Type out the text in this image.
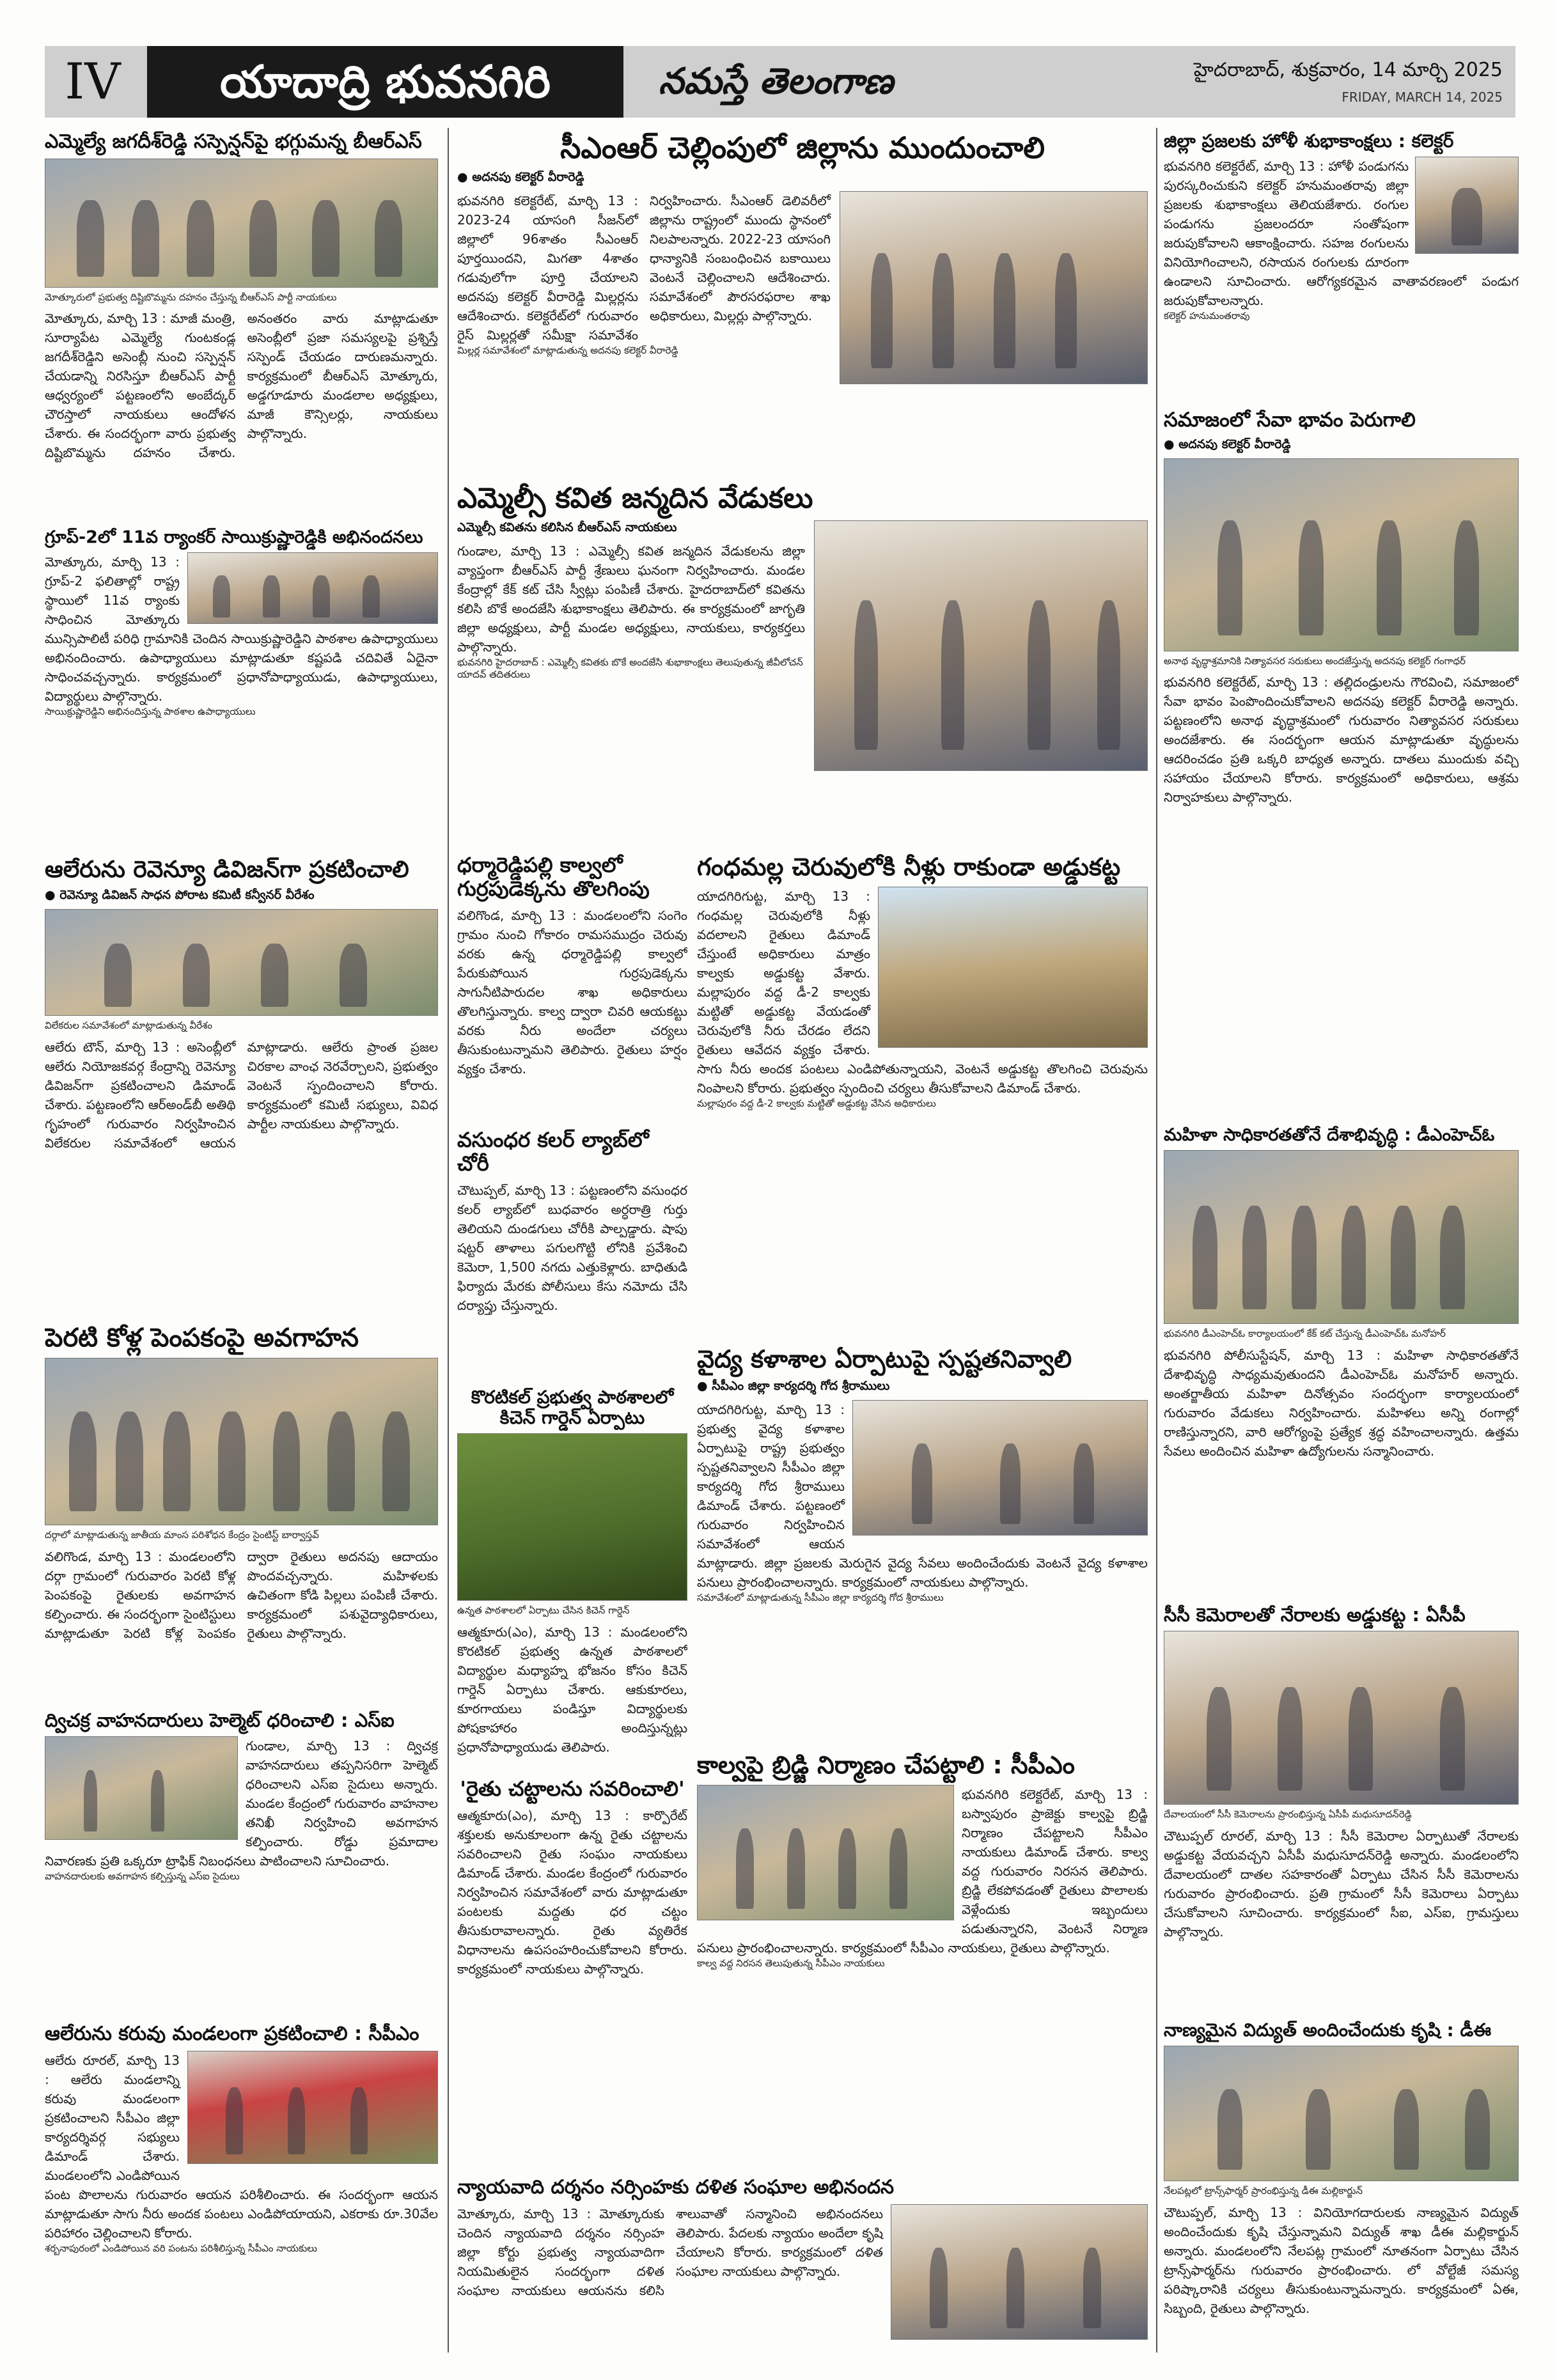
IV	యాదాద్రి భువనగిరి	నమస్తే తెలంగాణ	హైదరాబాద్, శుక్రవారం, 14 మార్చి 2025
FRIDAY, MARCH 14, 2025
ఎమ్మెల్యే జగదీశ్‌రెడ్డి సస్పెన్షన్‌పై భగ్గుమన్న బీఆర్‌ఎస్‌
మోత్కూరులో ప్రభుత్వ దిష్టిబొమ్మను దహనం చేస్తున్న బీఆర్‌ఎస్‌ పార్టీ నాయకులు
మోత్కూరు, మార్చి 13 : మాజీ మంత్రి, సూర్యాపేట ఎమ్మెల్యే గుంటకండ్ల జగదీశ్‌రెడ్డిని అసెంబ్లీ నుంచి సస్పెన్షన్‌ చేయడాన్ని నిరసిస్తూ బీఆర్‌ఎస్‌ పార్టీ ఆధ్వర్యంలో పట్టణంలోని అంబేద్కర్‌ చౌరస్తాలో నాయకులు ఆందోళన చేశారు. ఈ సందర్భంగా వారు ప్రభుత్వ దిష్టిబొమ్మను దహనం చేశారు. అనంతరం వారు మాట్లాడుతూ అసెంబ్లీలో ప్రజా సమస్యలపై ప్రశ్నిస్తే సస్పెండ్‌ చేయడం దారుణమన్నారు. కార్యక్రమంలో బీఆర్‌ఎస్‌ మోత్కూరు, అడ్డగూడూరు మండలాల అధ్యక్షులు, మాజీ కౌన్సిలర్లు, నాయకులు పాల్గొన్నారు.
గ్రూప్‌-2లో 11వ ర్యాంకర్‌ సాయిక్రుష్ణారెడ్డికి అభినందనలు
మోత్కూరు, మార్చి 13 : గ్రూప్‌-2 ఫలితాల్లో రాష్ట్ర స్థాయిలో 11వ ర్యాంకు సాధించిన మోత్కూరు మున్సిపాలిటీ పరిధి గ్రామానికి చెందిన సాయిక్రుష్ణారెడ్డిని పాఠశాల ఉపాధ్యాయులు అభినందించారు. ఉపాధ్యాయులు మాట్లాడుతూ కష్టపడి చదివితే ఏదైనా సాధించవచ్చన్నారు. కార్యక్రమంలో ప్రధానోపాధ్యాయుడు, ఉపాధ్యాయులు, విద్యార్థులు పాల్గొన్నారు.
సాయిక్రుష్ణారెడ్డిని అభినందిస్తున్న పాఠశాల ఉపాధ్యాయులు
ఆలేరును రెవెన్యూ డివిజన్‌గా ప్రకటించాలి
● రెవెన్యూ డివిజన్‌ సాధన పోరాట కమిటీ కన్వీనర్‌ వీరేశం
విలేకరుల సమావేశంలో మాట్లాడుతున్న వీరేశం
ఆలేరు టౌన్‌, మార్చి 13 : అసెంబ్లీలో ఆలేరు నియోజకవర్గ కేంద్రాన్ని రెవెన్యూ డివిజన్‌గా ప్రకటించాలని డిమాండ్‌ చేశారు. పట్టణంలోని ఆర్‌అండ్‌బీ అతిథి గృహంలో గురువారం నిర్వహించిన విలేకరుల సమావేశంలో ఆయన మాట్లాడారు. ఆలేరు ప్రాంత ప్రజల చిరకాల వాంఛ నెరవేర్చాలని, ప్రభుత్వం వెంటనే స్పందించాలని కోరారు. కార్యక్రమంలో కమిటీ సభ్యులు, వివిధ పార్టీల నాయకులు పాల్గొన్నారు.
పెరటి కోళ్ల పెంపకంపై అవగాహన
దర్గాలో మాట్లాడుతున్న జాతీయ మాంస పరిశోధన కేంద్రం సైంటిస్ట్‌ బార్వాస్తవ్‌
వలిగొండ, మార్చి 13 : మండలంలోని దర్గా గ్రామంలో గురువారం పెరటి కోళ్ల పెంపకంపై రైతులకు అవగాహన కల్పించారు. ఈ సందర్భంగా సైంటిస్టులు మాట్లాడుతూ పెరటి కోళ్ల పెంపకం ద్వారా రైతులు అదనపు ఆదాయం పొందవచ్చన్నారు. మహిళలకు ఉచితంగా కోడి పిల్లలు పంపిణీ చేశారు. కార్యక్రమంలో పశువైద్యాధికారులు, రైతులు పాల్గొన్నారు.
ద్విచక్ర వాహనదారులు హెల్మెట్‌ ధరించాలి : ఎస్‌ఐ
గుండాల, మార్చి 13 : ద్విచక్ర వాహనదారులు తప్పనిసరిగా హెల్మెట్‌ ధరించాలని ఎస్‌ఐ సైదులు అన్నారు. మండల కేంద్రంలో గురువారం వాహనాల తనిఖీ నిర్వహించి అవగాహన కల్పించారు. రోడ్డు ప్రమాదాల నివారణకు ప్రతి ఒక్కరూ ట్రాఫిక్‌ నిబంధనలు పాటించాలని సూచించారు.
వాహనదారులకు అవగాహన కల్పిస్తున్న ఎస్‌ఐ సైదులు
ఆలేరును కరువు మండలంగా ప్రకటించాలి : సీపీఎం
ఆలేరు రూరల్‌, మార్చి 13 : ఆలేరు మండలాన్ని కరువు మండలంగా ప్రకటించాలని సీపీఎం జిల్లా కార్యదర్శివర్గ సభ్యులు డిమాండ్‌ చేశారు. మండలంలోని ఎండిపోయిన పంట పొలాలను గురువారం ఆయన పరిశీలించారు. ఈ సందర్భంగా ఆయన మాట్లాడుతూ సాగు నీరు అందక పంటలు ఎండిపోయాయని, ఎకరాకు రూ.30వేల పరిహారం చెల్లించాలని కోరారు.
శర్బనాపురంలో ఎండిపోయిన వరి పంటను పరిశీలిస్తున్న సీపీఎం నాయకులు
సీఎంఆర్‌ చెల్లింపులో జిల్లాను ముందుంచాలి
● అదనపు కలెక్టర్‌ వీరారెడ్డి
భువనగిరి కలెక్టరేట్‌, మార్చి 13 : 2023-24 యాసంగి సీజన్‌లో జిల్లాలో 96శాతం సీఎంఆర్‌ పూర్తయిందని, మిగతా 4శాతం గడువులోగా పూర్తి చేయాలని అదనపు కలెక్టర్‌ వీరారెడ్డి మిల్లర్లను ఆదేశించారు. కలెక్టరేట్‌లో గురువారం రైస్‌ మిల్లర్లతో సమీక్షా సమావేశం నిర్వహించారు. సీఎంఆర్‌ డెలివరీలో జిల్లాను రాష్ట్రంలో ముందు స్థానంలో నిలపాలన్నారు. 2022-23 యాసంగి ధాన్యానికి సంబంధించిన బకాయిలు వెంటనే చెల్లించాలని ఆదేశించారు. సమావేశంలో పౌరసరఫరాల శాఖ అధికారులు, మిల్లర్లు పాల్గొన్నారు.
మిల్లర్ల సమావేశంలో మాట్లాడుతున్న అదనపు కలెక్టర్‌ వీరారెడ్డి
ఎమ్మెల్సీ కవిత జన్మదిన వేడుకలు
ఎమ్మెల్సీ కవితను కలిసిన బీఆర్‌ఎస్‌ నాయకులు
గుండాల, మార్చి 13 : ఎమ్మెల్సీ కవిత జన్మదిన వేడుకలను జిల్లా వ్యాప్తంగా బీఆర్‌ఎస్‌ పార్టీ శ్రేణులు ఘనంగా నిర్వహించారు. మండల కేంద్రాల్లో కేక్‌ కట్‌ చేసి స్వీట్లు పంపిణీ చేశారు. హైదరాబాద్‌లో కవితను కలిసి బొకే అందజేసి శుభాకాంక్షలు తెలిపారు. ఈ కార్యక్రమంలో జాగృతి జిల్లా అధ్యక్షులు, పార్టీ మండల అధ్యక్షులు, నాయకులు, కార్యకర్తలు పాల్గొన్నారు.
భువనగిరి హైదరాబాద్‌ : ఎమ్మెల్సీ కవితకు బొకే అందజేసి శుభాకాంక్షలు తెలుపుతున్న జీవీలోచన్‌ యాదవ్‌ తదితరులు
ధర్మారెడ్డిపల్లి కాల్వలో గుర్రపుడెక్కను తొలగింపు
వలిగొండ, మార్చి 13 : మండలంలోని సంగెం గ్రామం నుంచి గోకారం రామసముద్రం చెరువు వరకు ఉన్న ధర్మారెడ్డిపల్లి కాల్వలో పేరుకుపోయిన గుర్రపుడెక్కను సాగునీటిపారుదల శాఖ అధికారులు తొలగిస్తున్నారు. కాల్వ ద్వారా చివరి ఆయకట్టు వరకు నీరు అందేలా చర్యలు తీసుకుంటున్నామని తెలిపారు. రైతులు హర్షం వ్యక్తం చేశారు.
వసుంధర కలర్‌ ల్యాబ్‌లో చోరీ
చౌటుప్పల్‌, మార్చి 13 : పట్టణంలోని వసుంధర కలర్‌ ల్యాబ్‌లో బుధవారం అర్ధరాత్రి గుర్తు తెలియని దుండగులు చోరీకి పాల్పడ్డారు. షాపు షట్టర్‌ తాళాలు పగులగొట్టి లోనికి ప్రవేశించి కెమెరా, 1,500 నగదు ఎత్తుకెళ్లారు. బాధితుడి ఫిర్యాదు మేరకు పోలీసులు కేసు నమోదు చేసి దర్యాప్తు చేస్తున్నారు.
కొరటికల్‌ ప్రభుత్వ పాఠశాలలో కిచెన్‌ గార్డెన్‌ ఏర్పాటు
ఉన్నత పాఠశాలలో ఏర్పాటు చేసిన కిచెన్‌ గార్డెన్‌
ఆత్మకూరు(ఎం), మార్చి 13 : మండలంలోని కొరటికల్‌ ప్రభుత్వ ఉన్నత పాఠశాలలో విద్యార్థుల మధ్యాహ్న భోజనం కోసం కిచెన్‌ గార్డెన్‌ ఏర్పాటు చేశారు. ఆకుకూరలు, కూరగాయలు పండిస్తూ విద్యార్థులకు పోషకాహారం అందిస్తున్నట్లు ప్రధానోపాధ్యాయుడు తెలిపారు.
'రైతు చట్టాలను సవరించాలి'
ఆత్మకూరు(ఎం), మార్చి 13 : కార్పొరేట్‌ శక్తులకు అనుకూలంగా ఉన్న రైతు చట్టాలను సవరించాలని రైతు సంఘం నాయకులు డిమాండ్‌ చేశారు. మండల కేంద్రంలో గురువారం నిర్వహించిన సమావేశంలో వారు మాట్లాడుతూ పంటలకు మద్దతు ధర చట్టం తీసుకురావాలన్నారు. రైతు వ్యతిరేక విధానాలను ఉపసంహరించుకోవాలని కోరారు. కార్యక్రమంలో నాయకులు పాల్గొన్నారు.
గంధమల్ల చెరువులోకి నీళ్లు రాకుండా అడ్డుకట్ట
యాదగిరిగుట్ట, మార్చి 13 : గంధమల్ల చెరువులోకి నీళ్లు వదలాలని రైతులు డిమాండ్‌ చేస్తుంటే అధికారులు మాత్రం కాల్వకు అడ్డుకట్ట వేశారు. మల్లాపురం వద్ద డీ-2 కాల్వకు మట్టితో అడ్డుకట్ట వేయడంతో చెరువులోకి నీరు చేరడం లేదని రైతులు ఆవేదన వ్యక్తం చేశారు. సాగు నీరు అందక పంటలు ఎండిపోతున్నాయని, వెంటనే అడ్డుకట్ట తొలగించి చెరువును నింపాలని కోరారు. ప్రభుత్వం స్పందించి చర్యలు తీసుకోవాలని డిమాండ్‌ చేశారు.
మల్లాపురం వద్ద డీ-2 కాల్వకు మట్టితో అడ్డుకట్ట వేసిన అధికారులు
వైద్య కళాశాల ఏర్పాటుపై స్పష్టతనివ్వాలి
● సీపీఎం జిల్లా కార్యదర్శి గోద శ్రీరాములు
యాదగిరిగుట్ట, మార్చి 13 : ప్రభుత్వ వైద్య కళాశాల ఏర్పాటుపై రాష్ట్ర ప్రభుత్వం స్పష్టతనివ్వాలని సీపీఎం జిల్లా కార్యదర్శి గోద శ్రీరాములు డిమాండ్‌ చేశారు. పట్టణంలో గురువారం నిర్వహించిన సమావేశంలో ఆయన మాట్లాడారు. జిల్లా ప్రజలకు మెరుగైన వైద్య సేవలు అందించేందుకు వెంటనే వైద్య కళాశాల పనులు ప్రారంభించాలన్నారు. కార్యక్రమంలో నాయకులు పాల్గొన్నారు.
సమావేశంలో మాట్లాడుతున్న సీపీఎం జిల్లా కార్యదర్శి గోద శ్రీరాములు
కాల్వపై బ్రిడ్జి నిర్మాణం చేపట్టాలి : సీపీఎం
భువనగిరి కలెక్టరేట్‌, మార్చి 13 : బస్వాపురం ప్రాజెక్టు కాల్వపై బ్రిడ్జి నిర్మాణం చేపట్టాలని సీపీఎం నాయకులు డిమాండ్‌ చేశారు. కాల్వ వద్ద గురువారం నిరసన తెలిపారు. బ్రిడ్జి లేకపోవడంతో రైతులు పొలాలకు వెళ్లేందుకు ఇబ్బందులు పడుతున్నారని, వెంటనే నిర్మాణ పనులు ప్రారంభించాలన్నారు. కార్యక్రమంలో సీపీఎం నాయకులు, రైతులు పాల్గొన్నారు.
కాల్వ వద్ద నిరసన తెలుపుతున్న సీపీఎం నాయకులు
న్యాయవాది దర్శనం నర్సింహకు దళిత సంఘాల అభినందన
మోత్కూరు, మార్చి 13 : మోత్కూరుకు చెందిన న్యాయవాది దర్శనం నర్సింహ జిల్లా కోర్టు ప్రభుత్వ న్యాయవాదిగా నియమితులైన సందర్భంగా దళిత సంఘాల నాయకులు ఆయనను కలిసి శాలువాతో సన్మానించి అభినందనలు తెలిపారు. పేదలకు న్యాయం అందేలా కృషి చేయాలని కోరారు. కార్యక్రమంలో దళిత సంఘాల నాయకులు పాల్గొన్నారు.
జిల్లా ప్రజలకు హోళీ శుభాకాంక్షలు : కలెక్టర్‌
భువనగిరి కలెక్టరేట్‌, మార్చి 13 : హోళీ పండుగను పురస్కరించుకుని కలెక్టర్‌ హనుమంతరావు జిల్లా ప్రజలకు శుభాకాంక్షలు తెలియజేశారు. రంగుల పండుగను ప్రజలందరూ సంతోషంగా జరుపుకోవాలని ఆకాంక్షించారు. సహజ రంగులను వినియోగించాలని, రసాయన రంగులకు దూరంగా ఉండాలని సూచించారు. ఆరోగ్యకరమైన వాతావరణంలో పండుగ జరుపుకోవాలన్నారు.
కలెక్టర్‌ హనుమంతరావు
సమాజంలో సేవా భావం పెరుగాలి
● అదనపు కలెక్టర్‌ వీరారెడ్డి
అనాథ వృద్ధాశ్రమానికి నిత్యావసర సరుకులు అందజేస్తున్న అదనపు కలెక్టర్‌ గంగాధర్‌
భువనగిరి కలెక్టరేట్‌, మార్చి 13 : తల్లిదండ్రులను గౌరవించి, సమాజంలో సేవా భావం పెంపొందించుకోవాలని అదనపు కలెక్టర్‌ వీరారెడ్డి అన్నారు. పట్టణంలోని అనాథ వృద్ధాశ్రమంలో గురువారం నిత్యావసర సరుకులు అందజేశారు. ఈ సందర్భంగా ఆయన మాట్లాడుతూ వృద్ధులను ఆదరించడం ప్రతి ఒక్కరి బాధ్యత అన్నారు. దాతలు ముందుకు వచ్చి సహాయం చేయాలని కోరారు. కార్యక్రమంలో అధికారులు, ఆశ్రమ నిర్వాహకులు పాల్గొన్నారు.
మహిళా సాధికారతతోనే దేశాభివృద్ధి : డీఎంహెచ్‌ఓ
భువనగిరి డీఎంహెచ్‌ఓ కార్యాలయంలో కేక్‌ కట్‌ చేస్తున్న డీఎంహెచ్‌ఓ మనోహర్‌
భువనగిరి పోలీసుస్టేషన్‌, మార్చి 13 : మహిళా సాధికారతతోనే దేశాభివృద్ధి సాధ్యమవుతుందని డీఎంహెచ్‌ఓ మనోహర్‌ అన్నారు. అంతర్జాతీయ మహిళా దినోత్సవం సందర్భంగా కార్యాలయంలో గురువారం వేడుకలు నిర్వహించారు. మహిళలు అన్ని రంగాల్లో రాణిస్తున్నారని, వారి ఆరోగ్యంపై ప్రత్యేక శ్రద్ధ వహించాలన్నారు. ఉత్తమ సేవలు అందించిన మహిళా ఉద్యోగులను సన్మానించారు.
సీసీ కెమెరాలతో నేరాలకు అడ్డుకట్ట : ఏసీపీ
దేవాలయంలో సీసీ కెమెరాలను ప్రారంభిస్తున్న ఏసీపీ మధుసూదన్‌రెడ్డి
చౌటుప్పల్‌ రూరల్‌, మార్చి 13 : సీసీ కెమెరాల ఏర్పాటుతో నేరాలకు అడ్డుకట్ట వేయవచ్చని ఏసీపీ మధుసూదన్‌రెడ్డి అన్నారు. మండలంలోని దేవాలయంలో దాతల సహకారంతో ఏర్పాటు చేసిన సీసీ కెమెరాలను గురువారం ప్రారంభించారు. ప్రతి గ్రామంలో సీసీ కెమెరాలు ఏర్పాటు చేసుకోవాలని సూచించారు. కార్యక్రమంలో సీఐ, ఎస్‌ఐ, గ్రామస్తులు పాల్గొన్నారు.
నాణ్యమైన విద్యుత్‌ అందించేందుకు కృషి : డీఈ
నేలపట్లలో ట్రాన్స్‌ఫార్మర్‌ ప్రారంభిస్తున్న డీఈ మల్లికార్జున్‌
చౌటుప్పల్‌, మార్చి 13 : వినియోగదారులకు నాణ్యమైన విద్యుత్‌ అందించేందుకు కృషి చేస్తున్నామని విద్యుత్‌ శాఖ డీఈ మల్లికార్జున్‌ అన్నారు. మండలంలోని నేలపట్ల గ్రామంలో నూతనంగా ఏర్పాటు చేసిన ట్రాన్స్‌ఫార్మర్‌ను గురువారం ప్రారంభించారు. లో వోల్టేజీ సమస్య పరిష్కారానికి చర్యలు తీసుకుంటున్నామన్నారు. కార్యక్రమంలో ఏఈ, సిబ్బంది, రైతులు పాల్గొన్నారు.
